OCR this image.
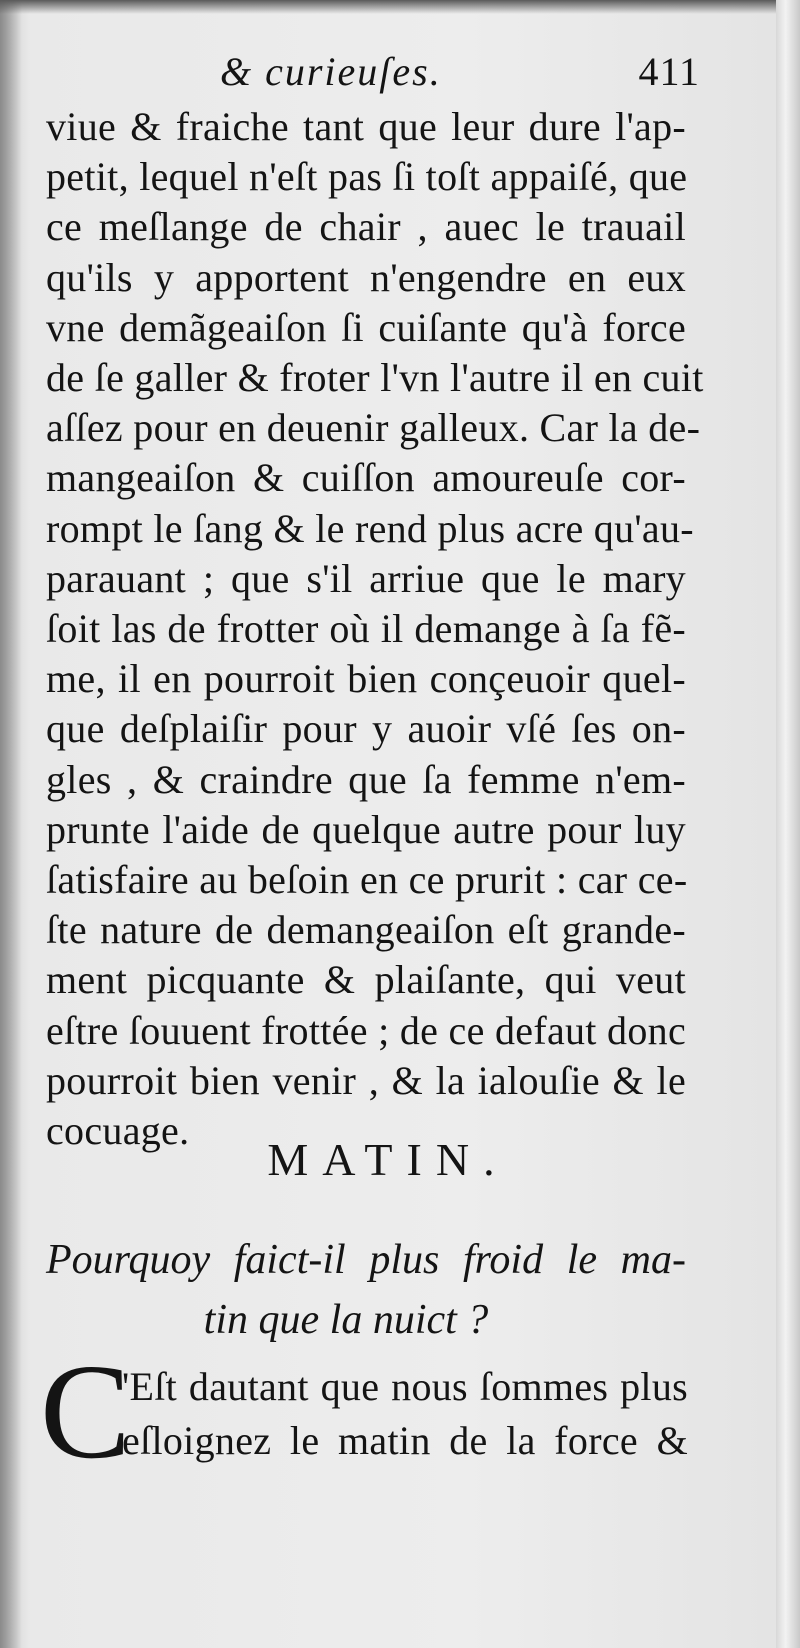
& curieuſes.	411
viue & fraiche tant que leur dure l'ap-
petit, lequel n'eſt pas ſi toſt appaiſé, que
ce meſlange de chair , auec le trauail
qu'ils y apportent n'engendre en eux
vne demãgeaiſon ſi cuiſante qu'à force
de ſe galler & froter l'vn l'autre il en cuit
aſſez pour en deuenir galleux. Car la de-
mangeaiſon & cuiſſon amoureuſe cor-
rompt le ſang & le rend plus acre qu'au-
parauant ; que s'il arriue que le mary
ſoit las de frotter où il demange à ſa fẽ-
me, il en pourroit bien conçeuoir quel-
que deſplaiſir pour y auoir vſé ſes on-
gles , & craindre que ſa femme n'em-
prunte l'aide de quelque autre pour luy
ſatisfaire au beſoin en ce prurit : car ce-
ſte nature de demangeaiſon eſt grande-
ment picquante & plaiſante, qui veut
eſtre ſouuent frottée ; de ce defaut donc
pourroit bien venir , & la ialouſie & le
cocuage.
MATIN.
Pourquoy faict-il plus froid le ma-
tin que la nuict ?
C
'Eſt dautant que nous ſommes plus
eſloignez le matin de la force &
